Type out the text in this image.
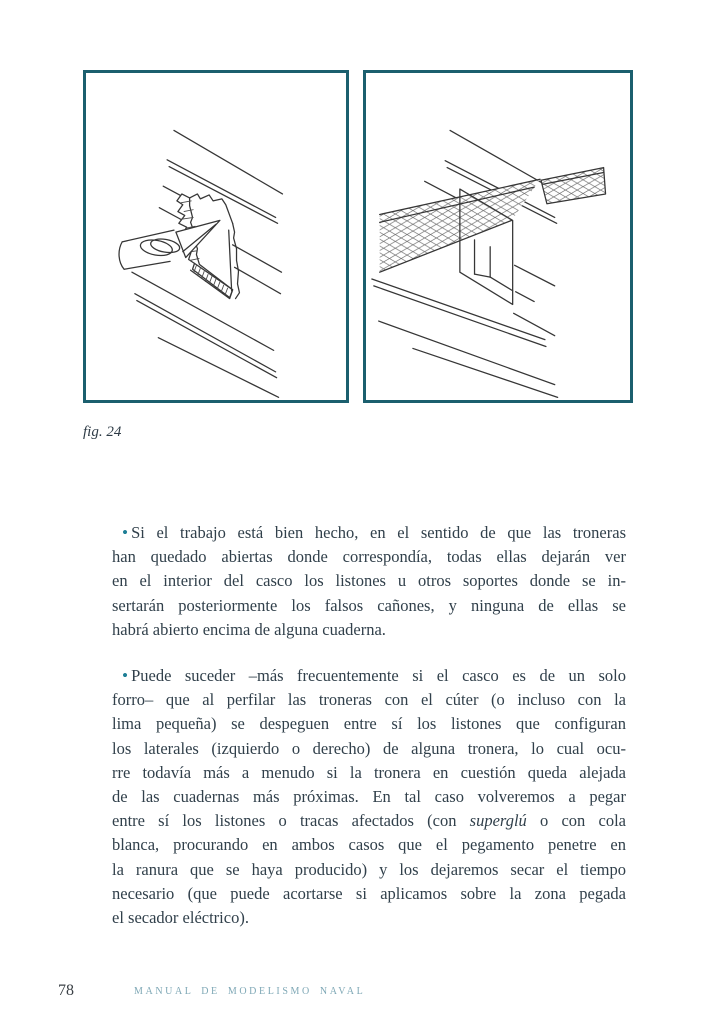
fig. 24
• Si el trabajo está bien hecho, en el sentido de que las troneras
han quedado abiertas donde correspondía, todas ellas dejarán ver
en el interior del casco los listones u otros soportes donde se in-
sertarán posteriormente los falsos cañones, y ninguna de ellas se
habrá abierto encima de alguna cuaderna.
• Puede suceder –más frecuentemente si el casco es de un solo
forro– que al perfilar las troneras con el cúter (o incluso con la
lima pequeña) se despeguen entre sí los listones que configuran
los laterales (izquierdo o derecho) de alguna tronera, lo cual ocu-
rre todavía más a menudo si la tronera en cuestión queda alejada
de las cuadernas más próximas. En tal caso volveremos a pegar
entre sí los listones o tracas afectados (con superglú o con cola
blanca, procurando en ambos casos que el pegamento penetre en
la ranura que se haya producido) y los dejaremos secar el tiempo
necesario (que puede acortarse si aplicamos sobre la zona pegada
el secador eléctrico).
78	MANUAL DE MODELISMO NAVAL
